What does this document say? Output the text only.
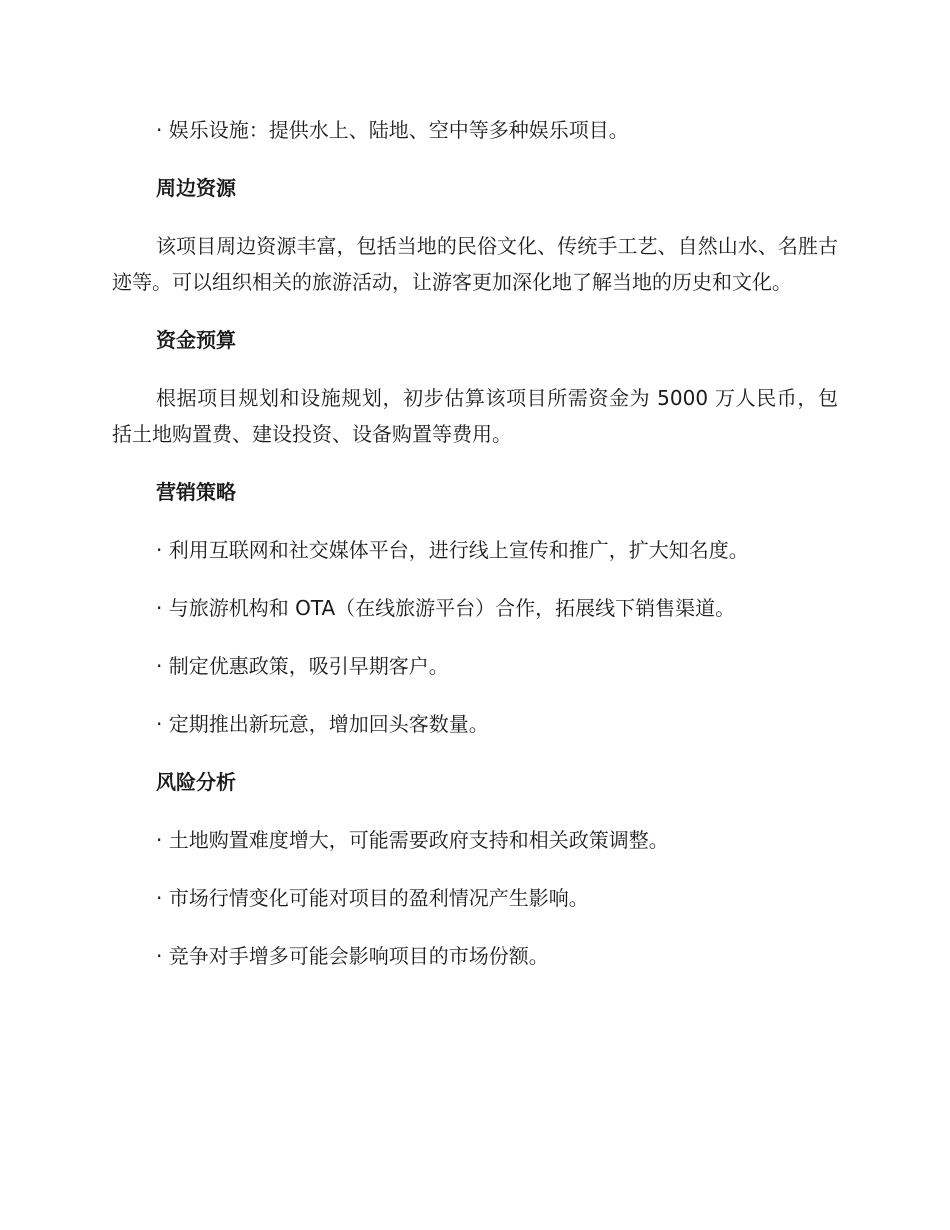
· 娱乐设施：提供水上、陆地、空中等多种娱乐项目。

周边资源

该项目周边资源丰富，包括当地的民俗文化、传统手工艺、自然山水、名胜古迹等。可以组织相关的旅游活动，让游客更加深化地了解当地的历史和文化。

资金预算

根据项目规划和设施规划，初步估算该项目所需资金为 5000 万人民币，包括土地购置费、建设投资、设备购置等费用。

营销策略

· 利用互联网和社交媒体平台，进行线上宣传和推广，扩大知名度。

· 与旅游机构和 OTA（在线旅游平台）合作，拓展线下销售渠道。

· 制定优惠政策，吸引早期客户。

· 定期推出新玩意，增加回头客数量。

风险分析

· 土地购置难度增大，可能需要政府支持和相关政策调整。

· 市场行情变化可能对项目的盈利情况产生影响。

· 竞争对手增多可能会影响项目的市场份额。
